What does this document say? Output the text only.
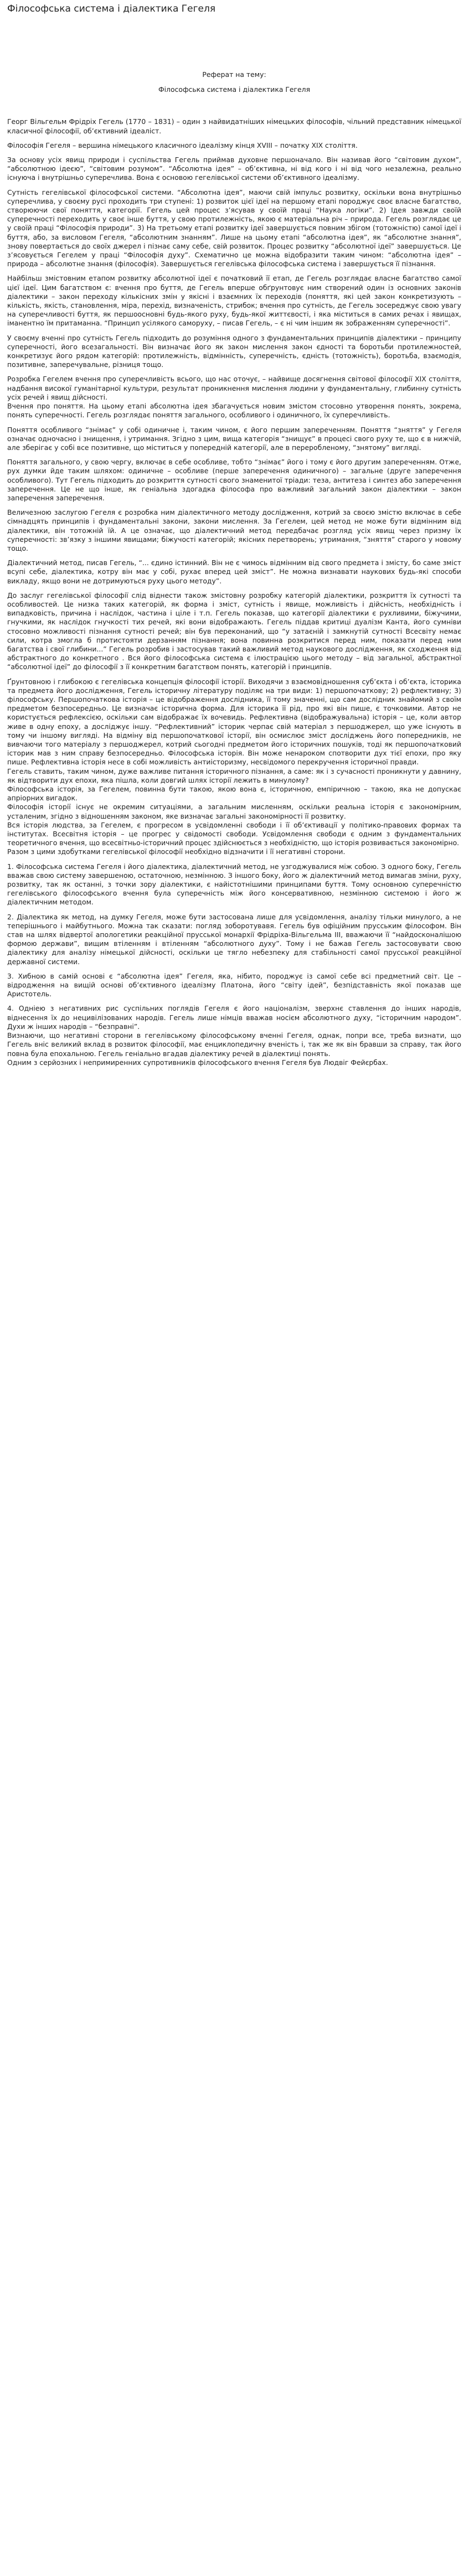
Філософська система і діалектика Гегеля

Реферат на тему:

Філософська система і діалектика Гегеля

Георг Вільгельм Фрідріх Гегель (1770 – 1831) – один з найвидатніших німецьких філософів, чільний представник німецької класичної філософії, об’єктивний ідеаліст.

Філософія Гегеля – вершина німецького класичного ідеалізму кінця XVIII – початку XIX століття.

За основу усіх явищ природи і суспільства Гегель приймав духовне першоначало. Він називав його “світовим духом”, “абсолютною ідеєю”, “світовим розумом”. “Абсолютна ідея” – об’єктивна, ні від кого і ні від чого незалежна, реально існуюча і внутрішньо суперечлива. Вона є основою гегелівської системи об’єктивного ідеалізму.

Сутність гегелівської філософської системи. “Абсолютна ідея”, маючи свій імпульс розвитку, оскільки вона внутрішньо суперечлива, у своєму русі проходить три ступені: 1) розвиток цієї ідеї на першому етапі породжує своє власне багатство, створюючи свої поняття, категорії. Гегель цей процес з’ясував у своїй праці “Наука логіки”. 2) Ідея завжди своїй суперечності переходить у своє інше буття, у свою протилежність, якою є матеріальна річ – природа. Гегель розглядає це у своїй праці “Філософія природи”. 3) На третьому етапі розвитку ідеї завершується повним збігом (тотожністю) самої ідеї і буття, або, за висловом Гегеля, “абсолютним знанням”. Лише на цьому етапі “абсолютна ідея”, як “абсолютне знання”, знову повертається до своїх джерел і пізнає саму себе, свій розвиток. Процес розвитку “абсолютної ідеї” завершується. Це з’ясовується Гегелем у праці “Філософія духу”. Схематично це можна відобразити таким чином: “абсолютна ідея” – природа – абсолютне знання (філософія). Завершується гегелівська філософська система і завершується її пізнання.

Найбільш змістовним етапом розвитку абсолютної ідеї є початковий її етап, де Гегель розглядає власне багатство самої цієї ідеї. Цим багатством є: вчення про буття, де Гегель вперше обґрунтовує ним створений один із основних законів діалектики – закон переходу кількісних змін у якісні і взаємних їх переходів (поняття, які цей закон конкретизують – кількість, якість, становлення, міра, перехід, визначеність, стрибок; вчення про сутність, де Гегель зосереджує свою увагу на суперечливості буття, як першоосновні будь-якого руху, будь-якої життєвості, і яка міститься в самих речах і явищах, іманентно їм притаманна. “Принцип усілякого саморуху, – писав Гегель, – є ні чим іншим як зображенням суперечності”.

У своєму вченні про сутність Гегель підходить до розуміння одного з фундаментальних принципів діалектики – принципу суперечності, його всезагальності. Він визначає його як закон мислення закон єдності та боротьби протилежностей, конкретизує його рядом категорій: протилежність, відмінність, суперечність, єдність (тотожність), боротьба, взаємодія, позитивне, заперечувальне, різниця тощо.

Розробка Гегелем вчення про суперечливість всього, що нас оточує, – найвище досягнення світової філософії XIX століття, надбання високої гуманітарної культури, результат проникнення мислення людини у фундаментальну, глибинну сутність усіх речей і явищ дійсності.

Вчення про поняття. На цьому етапі абсолютна ідея збагачується новим змістом стосовно утворення понять, зокрема, понять суперечності. Гегель розглядає поняття загального, особливого і одиничного, їх суперечливість.

Поняття особливого “знімає” у собі одиничне і, таким чином, є його першим запереченням. Поняття “зняття” у Гегеля означає одночасно і знищення, і утримання. Згідно з цим, вища категорія “знищує” в процесі свого руху те, що є в нижчій, але зберігає у собі все позитивне, що міститься у попередній категорії, але в переробленому, “знятому” вигляді.

Поняття загального, у свою чергу, включає в себе особливе, тобто “знімає” його і тому є його другим запереченням. Отже, рух думки йде таким шляхом: одиничне – особливе (перше заперечення одиничного) – загальне (друге заперечення особливого). Тут Гегель підходить до розкриття сутності свого знаменитої тріади: теза, антитеза і синтез або заперечення заперечення. Це не що інше, як геніальна здогадка філософа про важливий загальний закон діалектики – закон заперечення заперечення.

Величезною заслугою Гегеля є розробка ним діалектичного методу дослідження, котрий за своєю змістю включає в себе сімнадцять принципів і фундаментальні закони, закони мислення. За Гегелем, цей метод не може бути відмінним від діалектики, він тотожній їй. А це означає, що діалектичний метод передбачає розгляд усіх явищ через призму їх суперечності: зв’язку з іншими явищами; біжучості категорій; якісних перетворень; утримання, “зняття” старого у новому тощо.

Діалектичний метод, писав Гегель, “... єдино істинний. Він не є чимось відмінним від свого предмета і змісту, бо саме зміст всупі себе, діалектика, котру він має у собі, рухає вперед цей зміст”. Не можна визнавати наукових будь-які способи викладу, якщо вони не дотримуються руху цього методу”.

До заслуг гегелівської філософії слід віднести також змістовну розробку категорій діалектики, розкриття їх сутності та особливостей. Це низка таких категорій, як форма і зміст, сутність і явище, можливість і дійсність, необхідність і випадковість, причина і наслідок, частина і ціле і т.п. Гегель показав, що категорії діалектики є рухливими, біжучими, гнучкими, як наслідок гнучкості тих речей, які вони відображають. Гегель піддав критиці дуалізм Канта, його сумніви стосовно можливості пізнання сутності речей; він був переконаний, що “у затаєній і замкнутій сутності Всесвіту немає сили, котра змогла б протистояти дерзанням пізнання; вона повинна розкритися перед ним, показати перед ним багатства і свої глибини...” Гегель розробив і застосував такий важливий метод наукового дослідження, як сходження від абстрактного до конкретного . Вся його філософська система є ілюстрацією цього методу – від загальної, абстрактної “абсолютної ідеї” до філософії з її конкретним багатством понять, категорій і принципів.

Ґрунтовною і глибокою є гегелівська концепція філософії історії. Виходячи з взаємовідношення суб’єкта і об’єкта, історика та предмета його дослідження, Гегель історичну літературу поділяє на три види: 1) першопочаткову; 2) рефлективну; 3) філософську. Першопочаткова історія – це відображення дослідника, її тому значенні, що сам дослідник знайомий з своїм предметом безпосередньо. Це визначає історична форма. Для історика її рід, про які він пише, є точковими. Автор не користується рефлексією, оскільки сам відображає їх вочевидь. Рефлективна (відображувальна) історія – це, коли автор живе в одну епоху, а досліджує іншу. “Рефлективний” історик черпає свій матеріал з першоджерел, що уже існують в тому чи іншому вигляді. На відміну від першопочаткової історії, він осмислює зміст досліджень його попередників, не вивчаючи того матеріалу з першоджерел, котрий сьогодні предметом його історичних пошуків, тоді як першопочатковий історик мав з ним справу безпосередньо. Філософська історія. Він може ненароком спотворити дух тієї епохи, про яку пише. Рефлективна історія несе в собі можливість антиісторизму, несвідомого перекручення історичної правди.

Гегель ставить, таким чином, дуже важливе питання історичного пізнання, а саме: як і з сучасності проникнути у давнину, як відтворити дух епохи, яка пішла, коли довгий шлях історії лежить в минулому?

Філософська історія, за Гегелем, повинна бути такою, якою вона є, історичною, емпіричною – такою, яка не допускає апріорних вигадок.

Філософія історії існує не окремим ситуаціями, а загальним мисленням, оскільки реальна історія є закономірним, усталеним, згідно з відношенням законом, яке визначає загальні закономірності її розвитку.

Вся історія людства, за Гегелем, є прогресом в усвідомленні свободи і її об’єктивації у політико-правових формах та інститутах. Всесвітня історія – це прогрес у свідомості свободи. Усвідомлення свободи є одним з фундаментальних теоретичного вчення, що всесвітньо-історичний процес здійснюється з необхідністю, що історія розвивається закономірно.

Разом з цими здобутками гегелівської філософії необхідно відзначити і її негативні сторони.

1. Філософська система Гегеля і його діалектика, діалектичний метод, не узгоджувалися між собою. З одного боку, Гегель вважав свою систему завершеною, остаточною, незмінною. З іншого боку, його ж діалектичний метод вимагав зміни, руху, розвитку, так як останні, з точки зору діалектики, є найістотнішими принципами буття. Тому основною суперечністю гегелівського філософського вчення була суперечність між його консервативною, незмінною системою і його ж діалектичним методом.

2. Діалектика як метод, на думку Гегеля, може бути застосована лише для усвідомлення, аналізу тільки минулого, а не теперішнього і майбутнього. Можна так сказати: погляд зоборотувавя. Гегель був офіційним прусським філософом. Він став на шлях відвертої апологетики реакційної прусської монархії Фрідріха-Вільгельма III, вважаючи її “найдосконалішою формою держави”, вищим втіленням і втіленням “абсолютного духу”. Тому і не бажав Гегель застосовувати свою діалектику для аналізу німецької дійсності, оскільки це тягло небезпеку для стабільності самої прусської реакційної державної системи.

3. Хибною в самій основі є “абсолютна ідея” Гегеля, яка, нібито, породжує із самої себе всі предметний світ. Це – відродження на вищій основі об’єктивного ідеалізму Платона, його “світу ідей”, безпідставність якої показав ще Аристотель.

4. Одніею з негативних рис суспільних поглядів Гегеля є його націоналізм, зверхнє ставлення до інших народів, віднесення їх до нецивілізованих народів. Гегель лише німців вважав носієм абсолютного духу, “історичним народом”. Духи ж інших народів – “безправні”.

Визнаючи, що негативні сторони в гегелівському філософському вченні Гегеля, однак, попри все, треба визнати, що Гегель вніс великий вклад в розвиток філософії, має енциклопедичну вченість і, так же як він бравши за справу, так його повна була епохальною. Гегель геніально вгадав діалектику речей в діалектиці понять.

Одним з серйозних і непримиренних супротивників філософського вчення Гегеля був Людвіг Фейєрбах.
